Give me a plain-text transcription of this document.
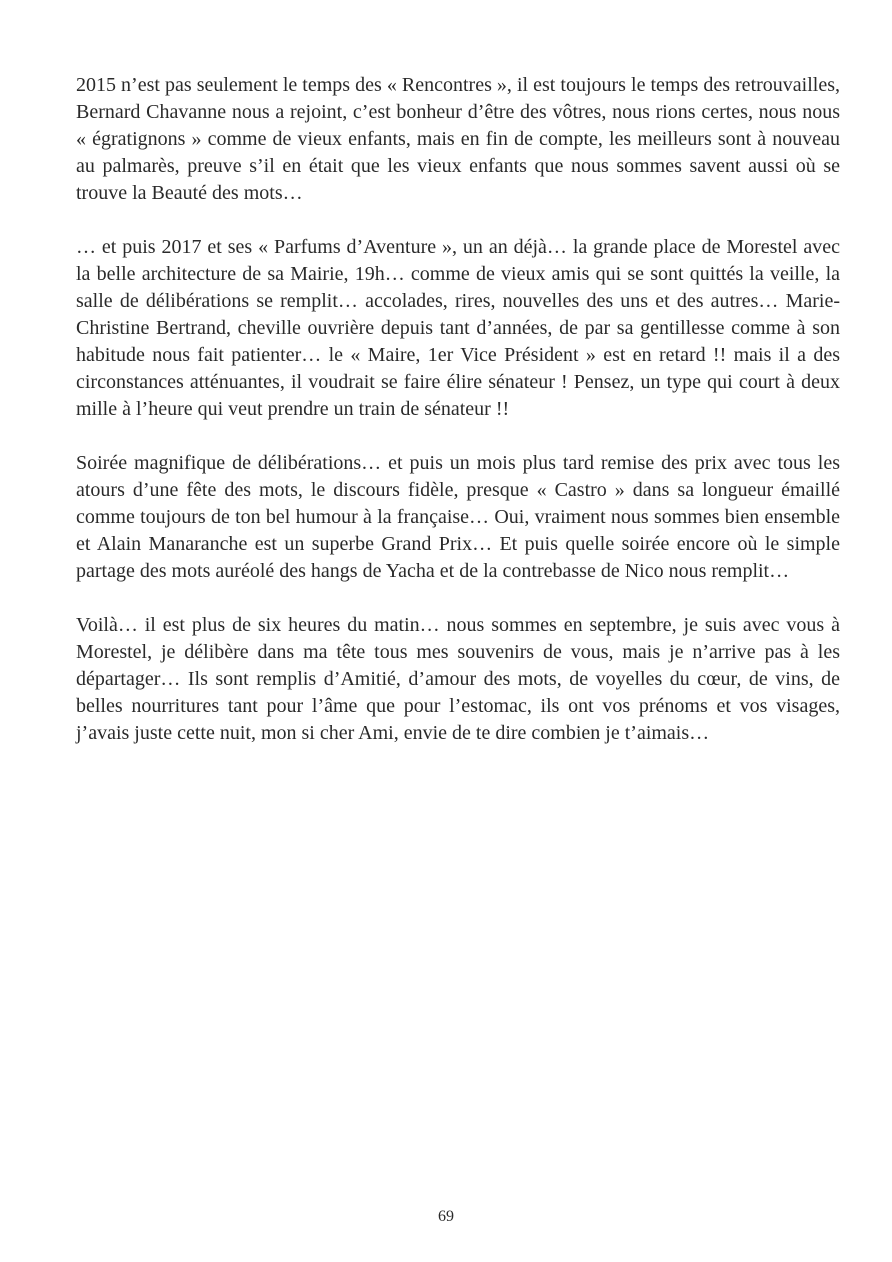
2015 n’est pas seulement le temps des « Rencontres », il est toujours le temps des retrouvailles, Bernard Chavanne nous a rejoint, c’est bonheur d’être des vôtres, nous rions certes, nous nous « égratignons » comme de vieux enfants, mais en fin de compte, les meilleurs sont à nouveau au palmarès, preuve s’il en était que les vieux enfants que nous sommes savent aussi où se trouve la Beauté des mots…

… et puis 2017 et ses « Parfums d’Aventure », un an déjà… la grande place de Morestel avec la belle architecture de sa Mairie, 19h… comme de vieux amis qui se sont quittés la veille, la salle de délibérations se remplit… accolades, rires, nouvelles des uns et des autres… Marie-Christine Bertrand, cheville ouvrière depuis tant d’années, de par sa gentillesse comme à son habitude nous fait patienter… le « Maire, 1er Vice Président » est en retard !! mais il a des circonstances atténuantes, il voudrait se faire élire sénateur ! Pensez, un type qui court à deux mille à l’heure qui veut prendre un train de sénateur !!

Soirée magnifique de délibérations… et puis un mois plus tard remise des prix avec tous les atours d’une fête des mots, le discours fidèle, presque « Castro » dans sa longueur émaillé comme toujours de ton bel humour à la française… Oui, vraiment nous sommes bien ensemble et Alain Manaranche est un superbe Grand Prix… Et puis quelle soirée encore où le simple partage des mots auréolé des hangs de Yacha et de la contrebasse de Nico nous remplit…

Voilà… il est plus de six heures du matin… nous sommes en septembre, je suis avec vous à Morestel, je délibère dans ma tête tous mes souvenirs de vous, mais je n’arrive pas à les départager… Ils sont remplis d’Amitié, d’amour des mots, de voyelles du cœur, de vins, de belles nourritures tant pour l’âme que pour l’estomac, ils ont vos prénoms et vos visages, j’avais juste cette nuit, mon si cher Ami, envie de te dire combien je t’aimais…

69
